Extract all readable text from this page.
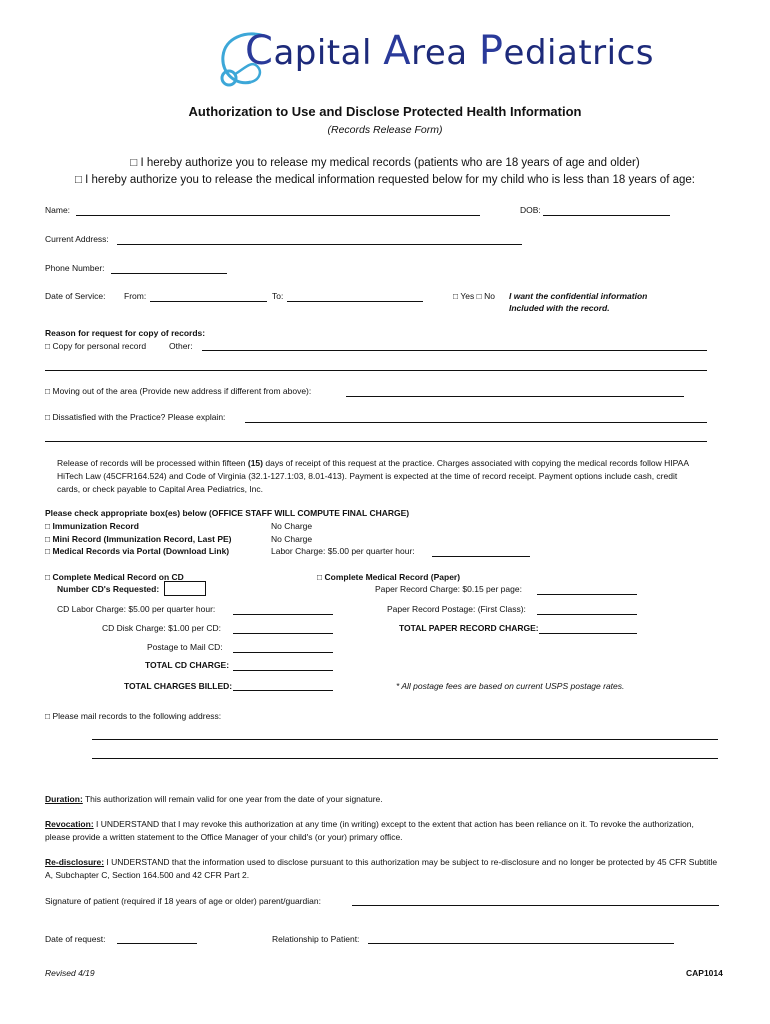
Capital Area Pediatrics
Authorization to Use and Disclose Protected Health Information
(Records Release Form)
□ I hereby authorize you to release my medical records (patients who are 18 years of age and older)
□ I hereby authorize you to release the medical information requested below for my child who is less than 18 years of age:
Name:	DOB:
Current Address:
Phone Number:
Date of Service: From:	To:	□ Yes □ No I want the confidential information
Included with the record.
Reason for request for copy of records:
□ Copy for personal record	Other:
□ Moving out of the area (Provide new address if different from above):
□ Dissatisfied with the Practice? Please explain:
Release of records will be processed within fifteen (15) days of receipt of this request at the practice. Charges associated with copying the medical records follow HIPAA HiTech Law (45CFR164.524) and Code of Virginia (32.1-127.1:03, 8.01-413). Payment is expected at the time of record receipt. Payment options include cash, credit cards, or check payable to Capital Area Pediatrics, Inc.
Please check appropriate box(es) below (OFFICE STAFF WILL COMPUTE FINAL CHARGE)
□ Immunization Record	No Charge
□ Mini Record (Immunization Record, Last PE)	No Charge
□ Medical Records via Portal (Download Link)	Labor Charge: $5.00 per quarter hour:
□ Complete Medical Record on CD
Number CD's Requested:
CD Labor Charge: $5.00 per quarter hour:
CD Disk Charge: $1.00 per CD:
Postage to Mail CD:
TOTAL CD CHARGE:
TOTAL CHARGES BILLED:
□ Complete Medical Record (Paper)
Paper Record Charge: $0.15 per page:
Paper Record Postage: (First Class):
TOTAL PAPER RECORD CHARGE:
* All postage fees are based on current USPS postage rates.
□ Please mail records to the following address:
Duration: This authorization will remain valid for one year from the date of your signature.
Revocation: I UNDERSTAND that I may revoke this authorization at any time (in writing) except to the extent that action has been reliance on it. To revoke the authorization, please provide a written statement to the Office Manager of your child's (or your) primary office.
Re-disclosure: I UNDERSTAND that the information used to disclose pursuant to this authorization may be subject to re-disclosure and no longer be protected by 45 CFR Subtitle A, Subchapter C, Section 164.500 and 42 CFR Part 2.
Signature of patient (required if 18 years of age or older) parent/guardian:
Date of request:	Relationship to Patient:
Revised 4/19	CAP1014
